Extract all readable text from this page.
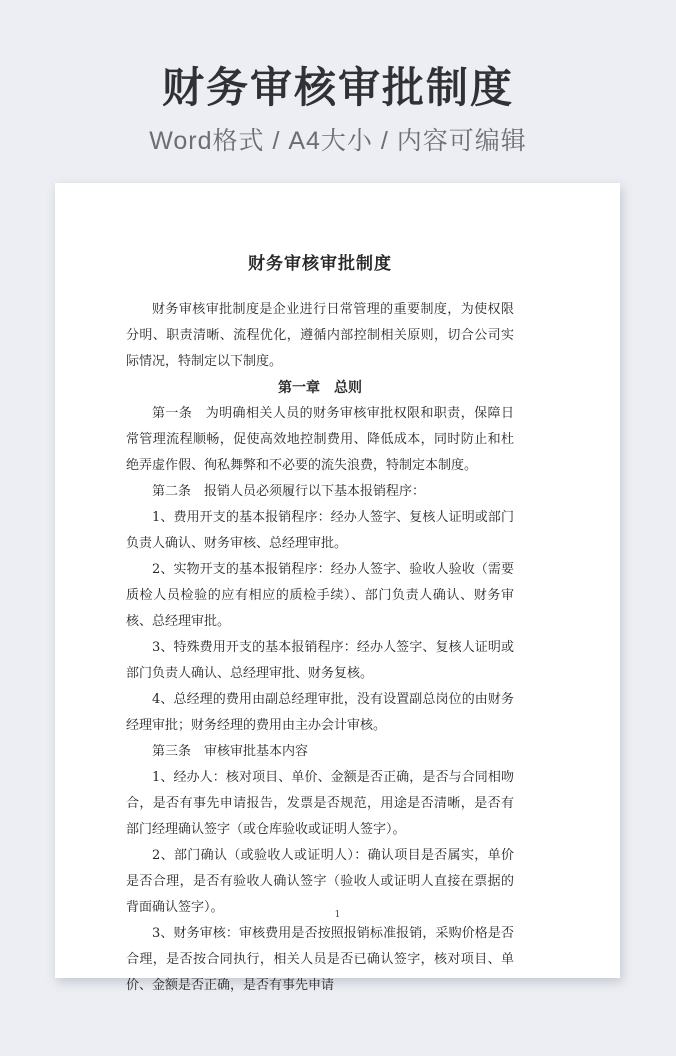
财务审核审批制度

Word格式 / A4大小 / 内容可编辑

财务审核审批制度

财务审核审批制度是企业进行日常管理的重要制度，为使权限分明、职责清晰、流程优化，遵循内部控制相关原则，切合公司实际情况，特制定以下制度。

第一章　总则

第一条　为明确相关人员的财务审核审批权限和职责，保障日常管理流程顺畅，促使高效地控制费用、降低成本，同时防止和杜绝弄虚作假、徇私舞弊和不必要的流失浪费，特制定本制度。

第二条　报销人员必须履行以下基本报销程序：

1、费用开支的基本报销程序：经办人签字、复核人证明或部门负责人确认、财务审核、总经理审批。

2、实物开支的基本报销程序：经办人签字、验收人验收（需要质检人员检验的应有相应的质检手续）、部门负责人确认、财务审核、总经理审批。

3、特殊费用开支的基本报销程序：经办人签字、复核人证明或部门负责人确认、总经理审批、财务复核。

4、总经理的费用由副总经理审批，没有设置副总岗位的由财务经理审批；财务经理的费用由主办会计审核。

第三条　审核审批基本内容

1、经办人：核对项目、单价、金额是否正确，是否与合同相吻合，是否有事先申请报告，发票是否规范，用途是否清晰，是否有部门经理确认签字（或仓库验收或证明人签字）。

2、部门确认（或验收人或证明人）：确认项目是否属实，单价是否合理，是否有验收人确认签字（验收人或证明人直接在票据的背面确认签字）。

3、财务审核：审核费用是否按照报销标准报销，采购价格是否合理，是否按合同执行，相关人员是否已确认签字，核对项目、单价、金额是否正确，是否有事先申请

1
